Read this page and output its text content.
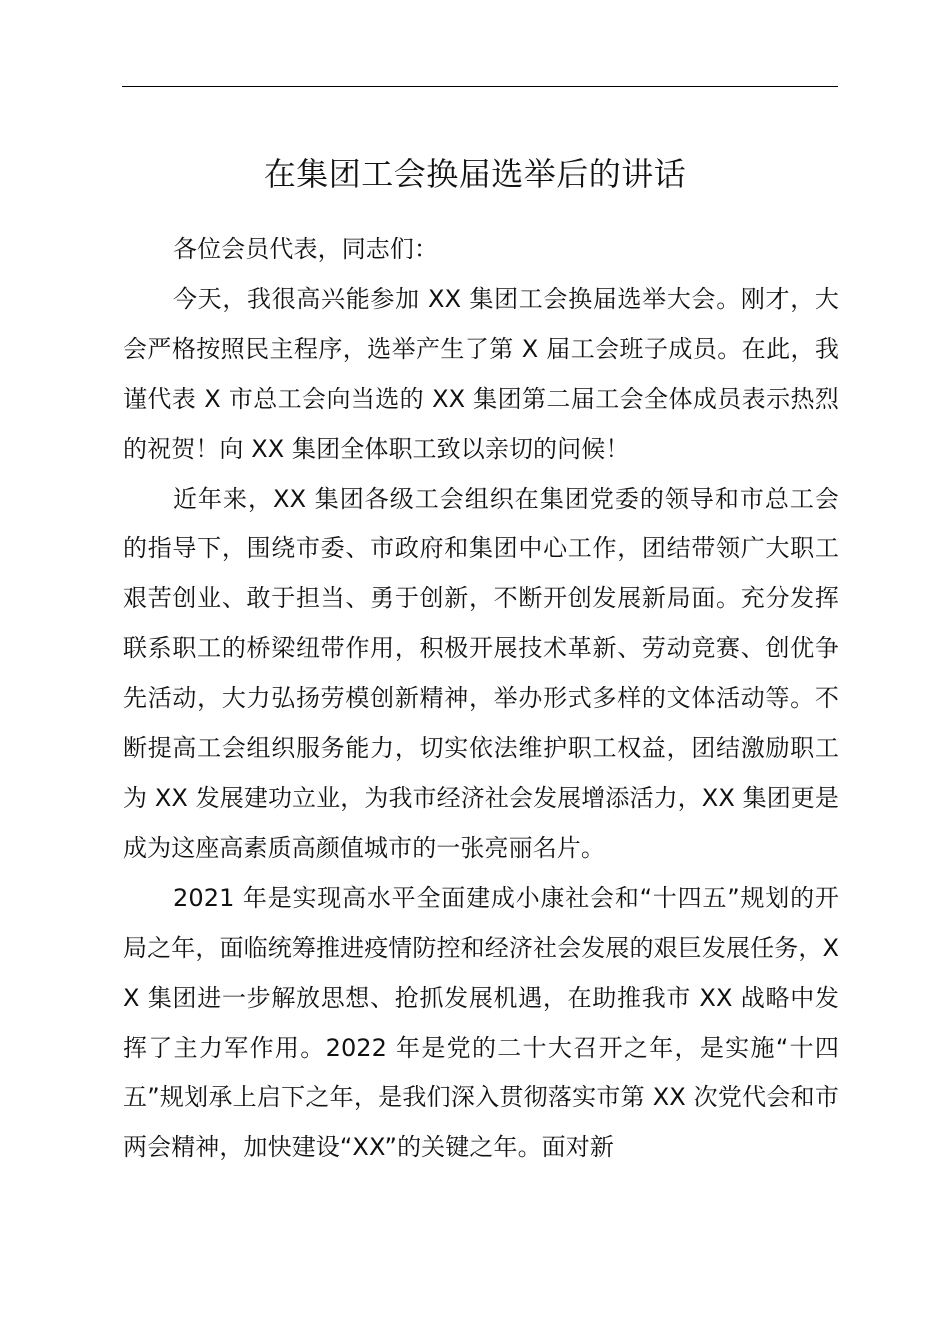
在集团工会换届选举后的讲话

各位会员代表，同志们：

今天，我很高兴能参加 XX 集团工会换届选举大会。刚才，大会严格按照民主程序，选举产生了第 X 届工会班子成员。在此，我谨代表 X 市总工会向当选的 XX 集团第二届工会全体成员表示热烈的祝贺！向 XX 集团全体职工致以亲切的问候！

近年来，XX 集团各级工会组织在集团党委的领导和市总工会的指导下，围绕市委、市政府和集团中心工作，团结带领广大职工艰苦创业、敢于担当、勇于创新，不断开创发展新局面。充分发挥联系职工的桥梁纽带作用，积极开展技术革新、劳动竞赛、创优争先活动，大力弘扬劳模创新精神，举办形式多样的文体活动等。不断提高工会组织服务能力，切实依法维护职工权益，团结激励职工为 XX 发展建功立业，为我市经济社会发展增添活力，XX 集团更是成为这座高素质高颜值城市的一张亮丽名片。

2021 年是实现高水平全面建成小康社会和“十四五”规划的开局之年，面临统筹推进疫情防控和经济社会发展的艰巨发展任务，XX 集团进一步解放思想、抢抓发展机遇，在助推我市 XX 战略中发挥了主力军作用。2022 年是党的二十大召开之年，是实施“十四五”规划承上启下之年，是我们深入贯彻落实市第 XX 次党代会和市两会精神，加快建设“XX”的关键之年。面对新
